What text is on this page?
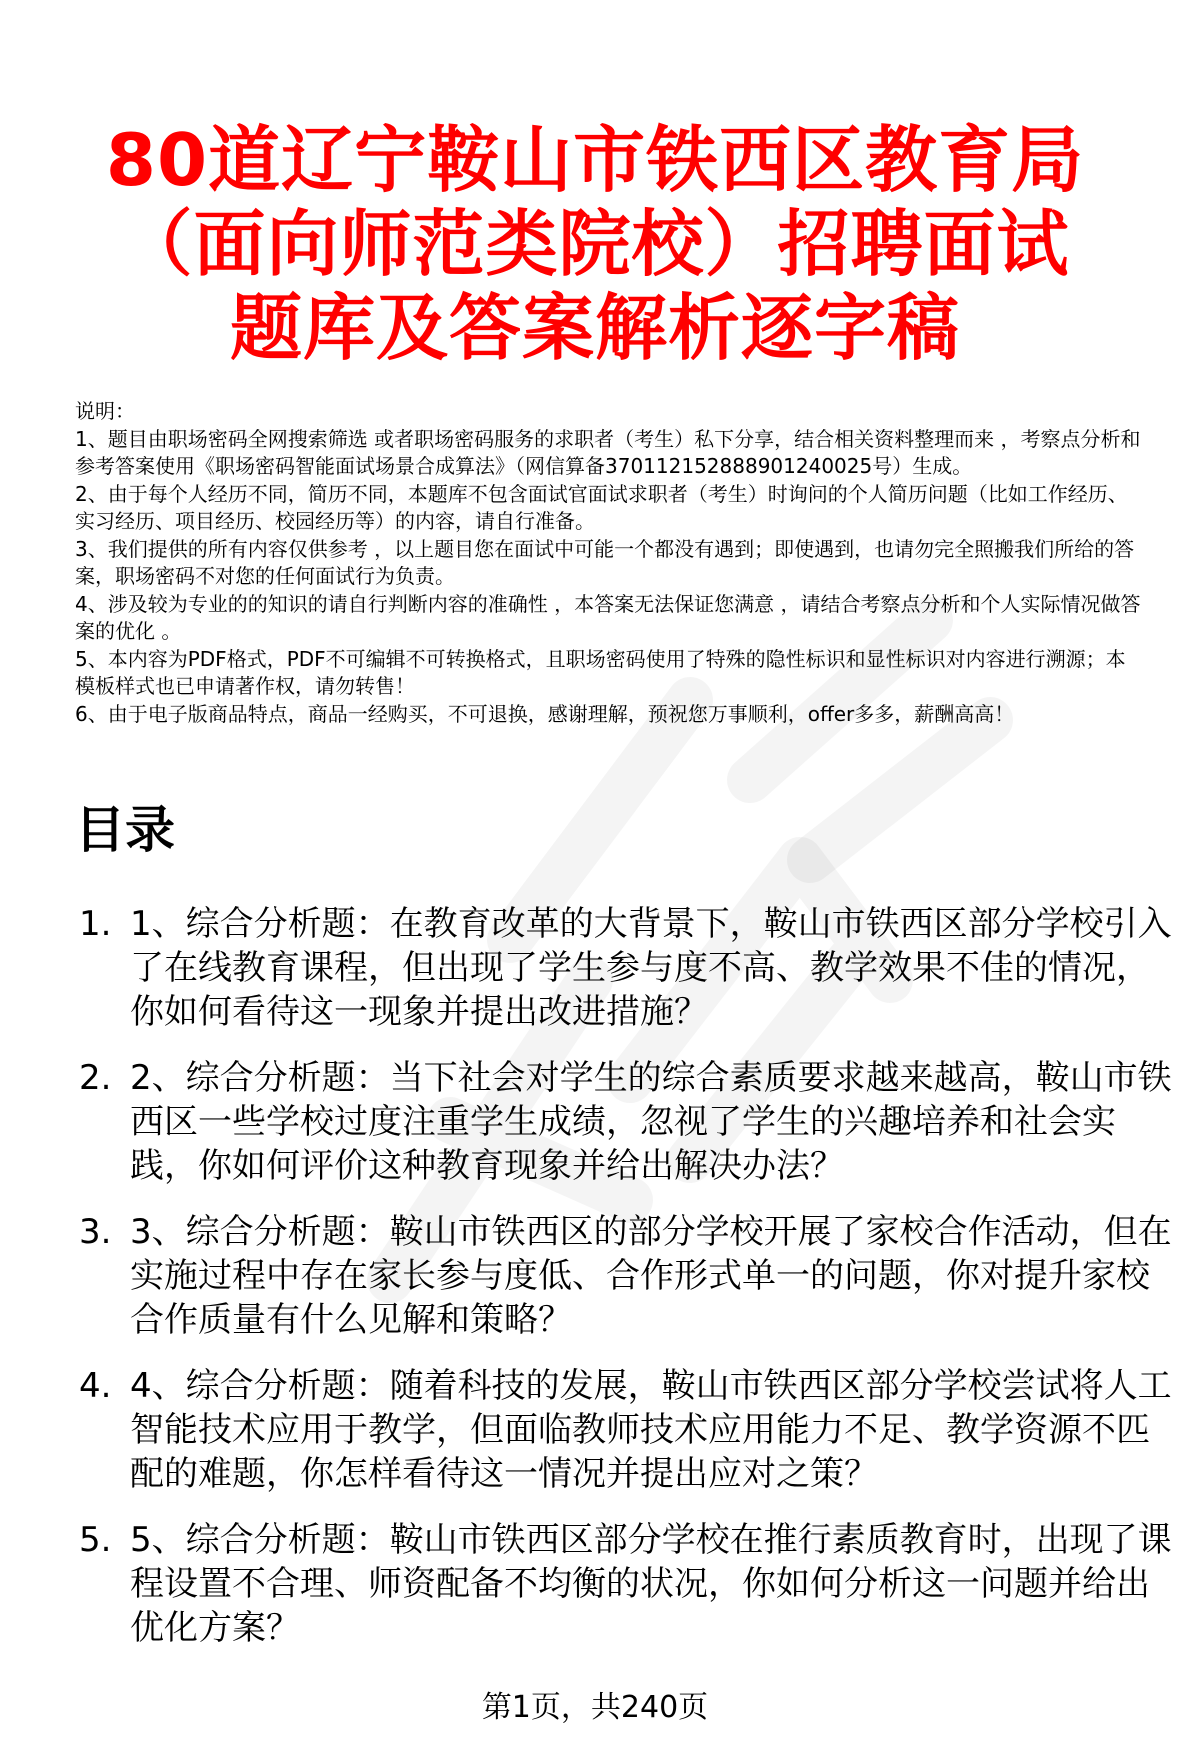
80道辽宁鞍山市铁西区教育局（面向师范类院校）招聘面试题库及答案解析逐字稿

说明：

1、题目由职场密码全网搜索筛选 或者职场密码服务的求职者（考生）私下分享，结合相关资料整理而来 ，考察点分析和参考答案使用《职场密码智能面试场景合成算法》（网信算备370112152888901240025号）生成。

2、由于每个人经历不同，简历不同，本题库不包含面试官面试求职者（考生）时询问的个人简历问题（比如工作经历、实习经历、项目经历、校园经历等）的内容，请自行准备。

3、我们提供的所有内容仅供参考 ，以上题目您在面试中可能一个都没有遇到；即使遇到，也请勿完全照搬我们所给的答案，职场密码不对您的任何面试行为负责。

4、涉及较为专业的的知识的请自行判断内容的准确性 ，本答案无法保证您满意 ，请结合考察点分析和个人实际情况做答案的优化 。

5、本内容为PDF格式，PDF不可编辑不可转换格式，且职场密码使用了特殊的隐性标识和显性标识对内容进行溯源；本模板样式也已申请著作权，请勿转售！

6、由于电子版商品特点，商品一经购买，不可退换，感谢理解，预祝您万事顺利，offer多多，薪酬高高！

目录
1. 1、综合分析题：在教育改革的大背景下，鞍山市铁西区部分学校引入了在线教育课程，但出现了学生参与度不高、教学效果不佳的情况，你如何看待这一现象并提出改进措施？
2. 2、综合分析题：当下社会对学生的综合素质要求越来越高，鞍山市铁西区一些学校过度注重学生成绩，忽视了学生的兴趣培养和社会实践，你如何评价这种教育现象并给出解决办法？
3. 3、综合分析题：鞍山市铁西区的部分学校开展了家校合作活动，但在实施过程中存在家长参与度低、合作形式单一的问题，你对提升家校合作质量有什么见解和策略？
4. 4、综合分析题：随着科技的发展，鞍山市铁西区部分学校尝试将人工智能技术应用于教学，但面临教师技术应用能力不足、教学资源不匹配的难题，你怎样看待这一情况并提出应对之策？
5. 5、综合分析题：鞍山市铁西区部分学校在推行素质教育时，出现了课程设置不合理、师资配备不均衡的状况，你如何分析这一问题并给出优化方案？
第1页，共240页
